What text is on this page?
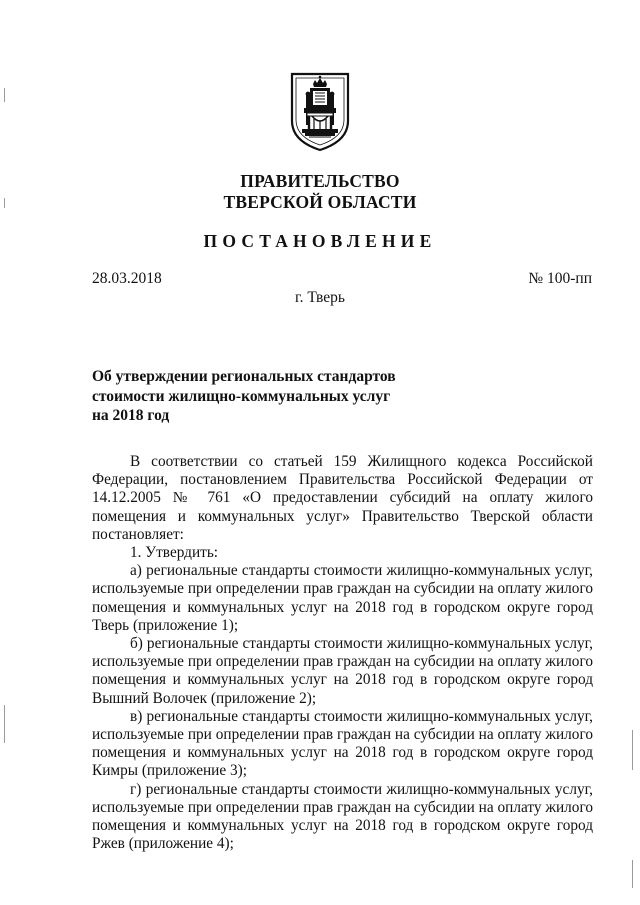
ПРАВИТЕЛЬСТВО
ТВЕРСКОЙ ОБЛАСТИ
ПОСТАНОВЛЕНИЕ
28.03.2018	№ 100-пп
г. Тверь
Об утверждении региональных стандартов
стоимости жилищно-коммунальных услуг
на 2018 год

В соответствии со статьей 159 Жилищного кодекса Российской Федерации, постановлением Правительства Российской Федерации от 14.12.2005 № 761 «О предоставлении субсидий на оплату жилого помещения и коммунальных услуг» Правительство Тверской области постановляет:

1. Утвердить:

а) региональные стандарты стоимости жилищно-коммунальных услуг, используемые при определении прав граждан на субсидии на оплату жилого помещения и коммунальных услуг на 2018 год в городском округе город Тверь (приложение 1);

б) региональные стандарты стоимости жилищно-коммунальных услуг, используемые при определении прав граждан на субсидии на оплату жилого помещения и коммунальных услуг на 2018 год в городском округе город Вышний Волочек (приложение 2);

в) региональные стандарты стоимости жилищно-коммунальных услуг, используемые при определении прав граждан на субсидии на оплату жилого помещения и коммунальных услуг на 2018 год в городском округе город Кимры (приложение 3);

г) региональные стандарты стоимости жилищно-коммунальных услуг, используемые при определении прав граждан на субсидии на оплату жилого помещения и коммунальных услуг на 2018 год в городском округе город Ржев (приложение 4);
